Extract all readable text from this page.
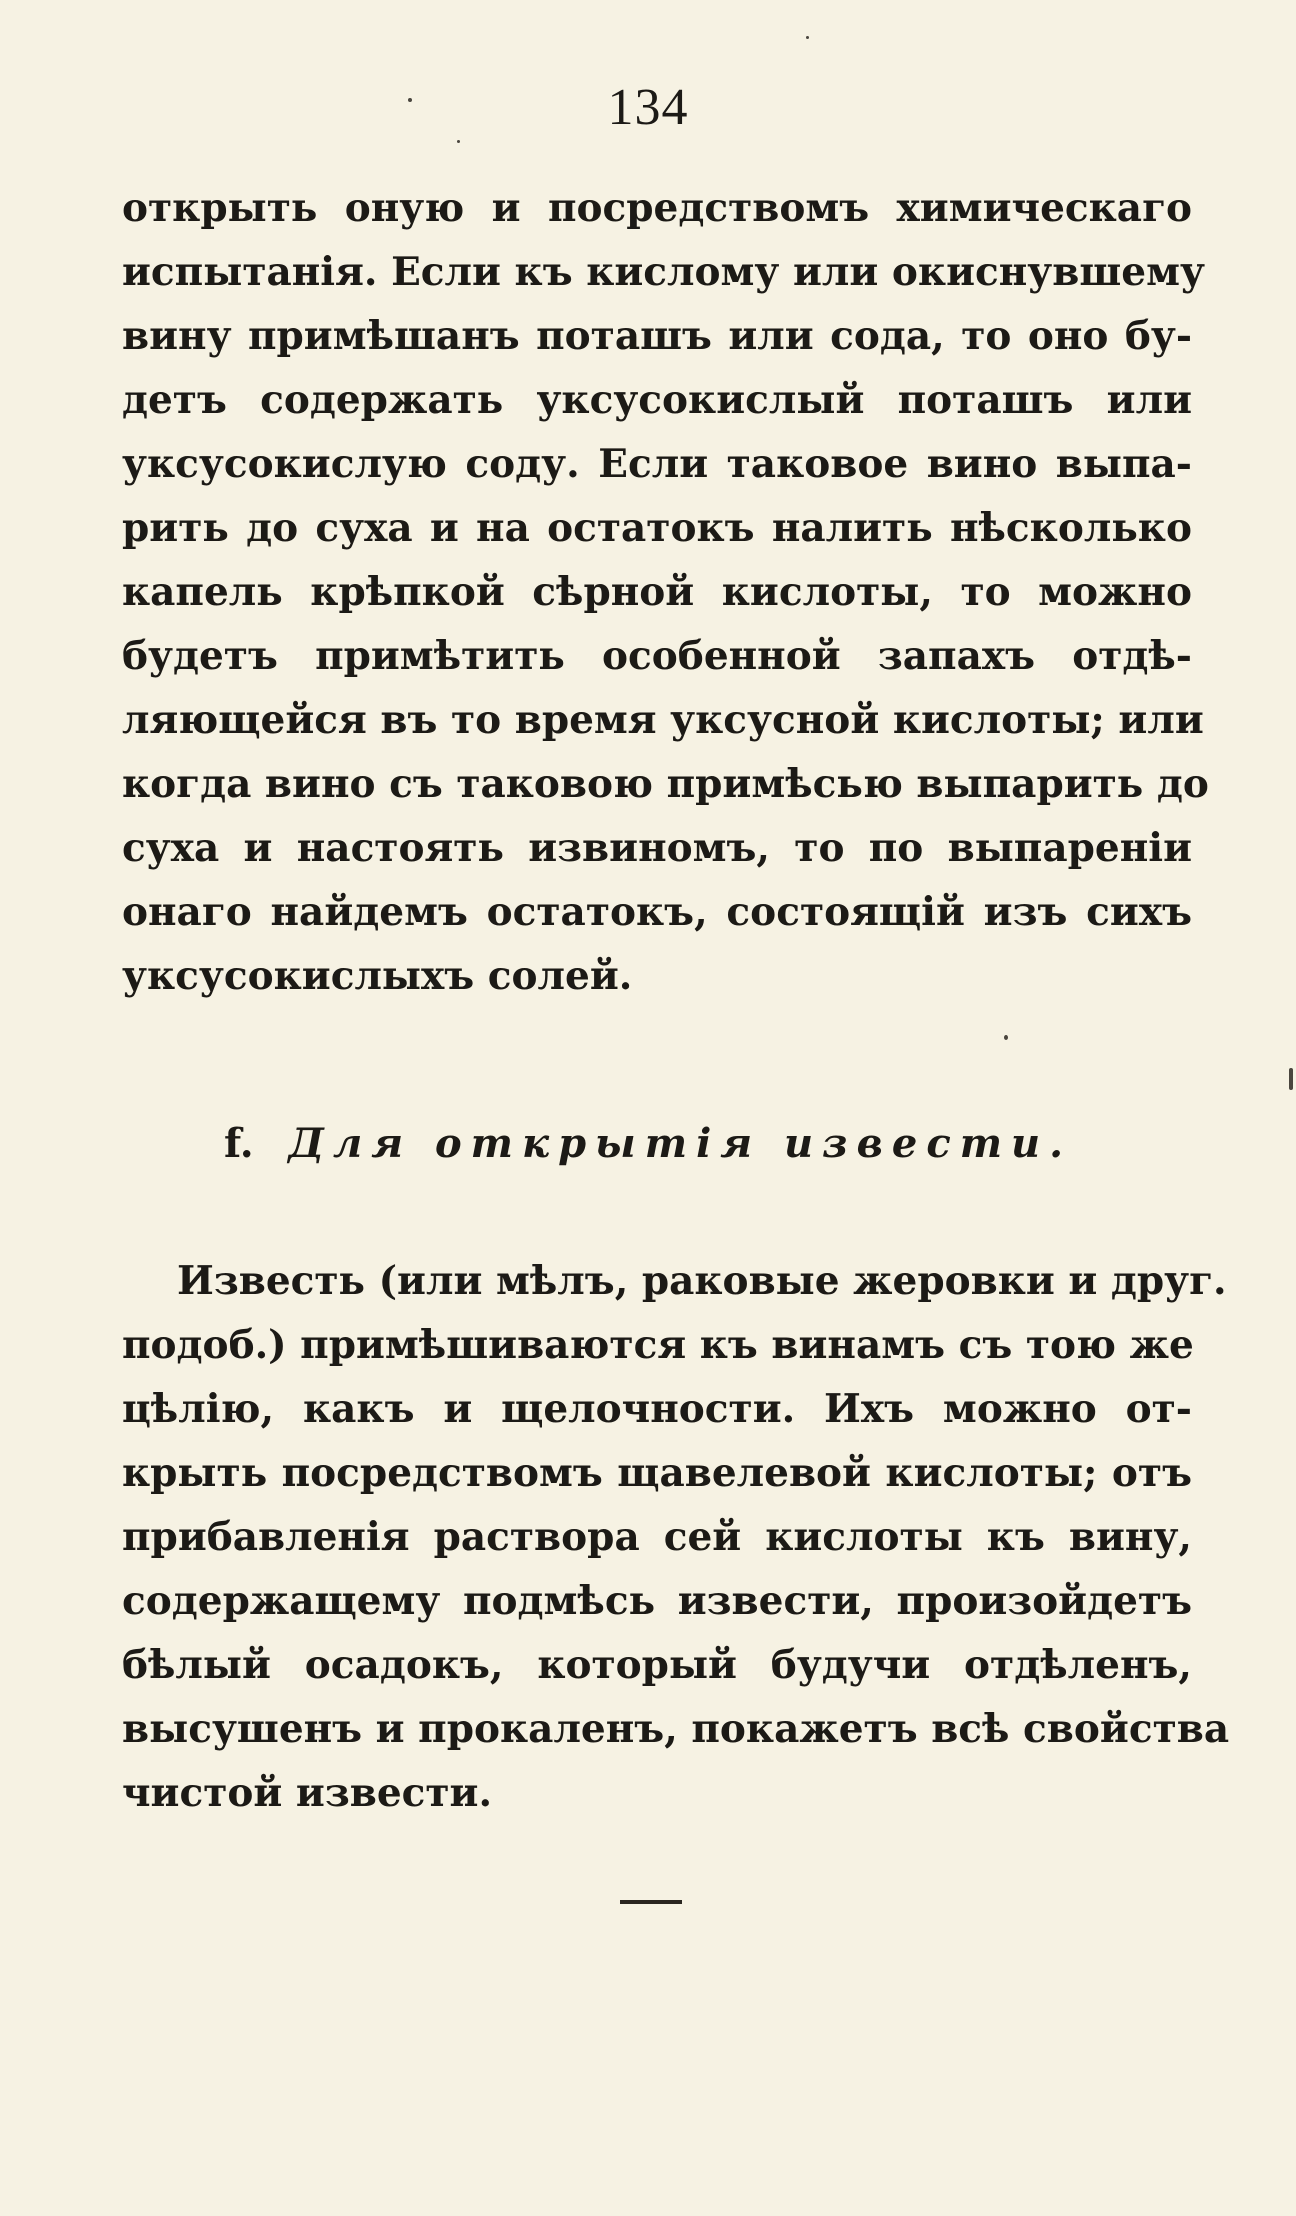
134
открыть оную и посредствомъ химическаго
испытанія. Если къ кислому или окиснувшему
вину примѣшанъ поташъ или сода, то оно бу-
детъ содержать уксусокислый поташъ или
уксусокислую соду. Если таковое вино выпа-
рить до суха и на остатокъ налить нѣсколько
капель крѣпкой сѣрной кислоты, то можно
будетъ примѣтить особенной запахъ отдѣ-
ляющейся въ то время уксусной кислоты; или
когда вино съ таковою примѣсью выпарить до
суха и настоять извиномъ, то по выпареніи
онаго найдемъ остатокъ, состоящій изъ сихъ
уксусокислыхъ солей.
f. Для открытія извести.
Известь (или мѣлъ, раковые жеровки и друг.
подоб.) примѣшиваются къ винамъ съ тою же
цѣлію, какъ и щелочности. Ихъ можно от-
крыть посредствомъ щавелевой кислоты; отъ
прибавленія раствора сей кислоты къ вину,
содержащему подмѣсь извести, произойдетъ
бѣлый осадокъ, который будучи отдѣленъ,
высушенъ и прокаленъ, покажетъ всѣ свойства
чистой извести.
